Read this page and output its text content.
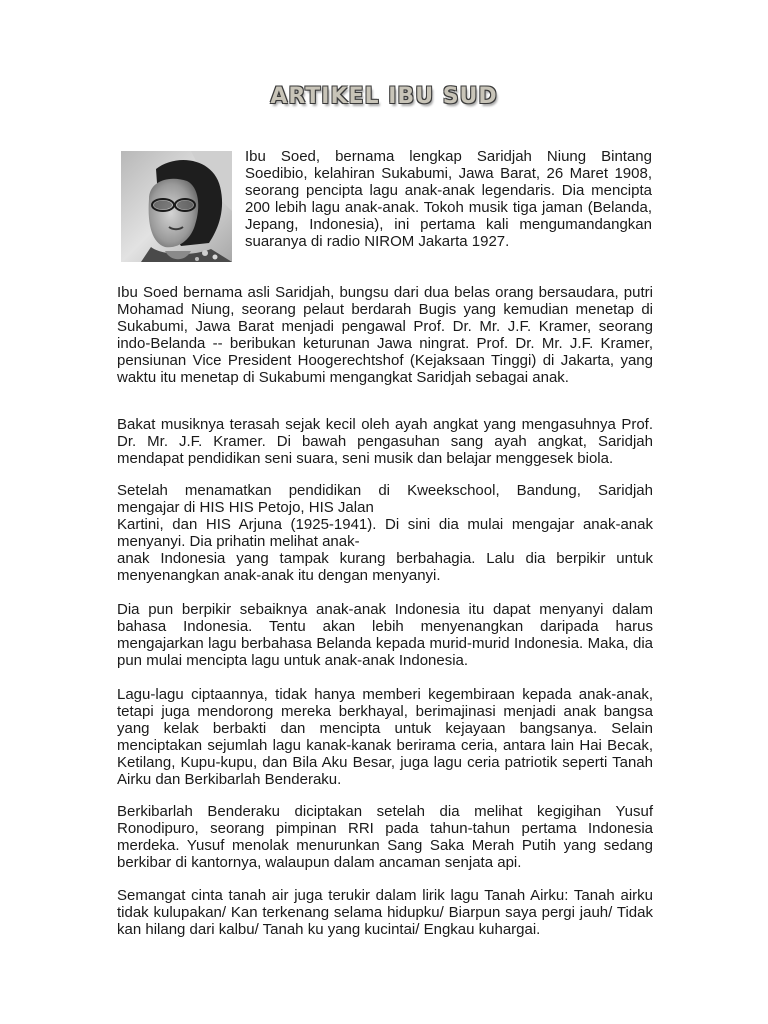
ARTIKEL IBU SUD
Ibu Soed, bernama lengkap Saridjah Niung Bintang Soedibio, kelahiran Sukabumi, Jawa Barat, 26 Maret 1908, seorang pencipta lagu anak-anak legendaris. Dia mencipta 200 lebih lagu anak-anak. Tokoh musik tiga jaman (Belanda, Jepang, Indonesia), ini pertama kali mengumandangkan suaranya di radio NIROM Jakarta 1927.
Ibu Soed bernama asli Saridjah, bungsu dari dua belas orang bersaudara, putri Mohamad Niung, seorang pelaut berdarah Bugis yang kemudian menetap di Sukabumi, Jawa Barat menjadi pengawal Prof. Dr. Mr. J.F. Kramer, seorang indo-Belanda -- beribukan keturunan Jawa ningrat. Prof. Dr. Mr. J.F. Kramer, pensiunan Vice President Hoogerechtshof (Kejaksaan Tinggi) di Jakarta, yang waktu itu menetap di Sukabumi mengangkat Saridjah sebagai anak.
Bakat musiknya terasah sejak kecil oleh ayah angkat yang mengasuhnya Prof. Dr. Mr. J.F. Kramer. Di bawah pengasuhan sang ayah angkat, Saridjah mendapat pendidikan seni suara, seni musik dan belajar menggesek biola.
Setelah menamatkan pendidikan di Kweekschool, Bandung, Saridjah
mengajar di HIS HIS Petojo, HIS Jalan
Kartini, dan HIS Arjuna (1925-1941). Di sini dia mulai mengajar anak-anak
menyanyi. Dia prihatin melihat anak-
anak Indonesia yang tampak kurang berbahagia. Lalu dia berpikir untuk
menyenangkan anak-anak itu dengan menyanyi.
Dia pun berpikir sebaiknya anak-anak Indonesia itu dapat menyanyi dalam bahasa Indonesia. Tentu akan lebih menyenangkan daripada harus mengajarkan lagu berbahasa Belanda kepada murid-murid Indonesia. Maka, dia pun mulai mencipta lagu untuk anak-anak Indonesia.
Lagu-lagu ciptaannya, tidak hanya memberi kegembiraan kepada anak-anak, tetapi juga mendorong mereka berkhayal, berimajinasi menjadi anak bangsa yang kelak berbakti dan mencipta untuk kejayaan bangsanya. Selain menciptakan sejumlah lagu kanak-kanak berirama ceria, antara lain Hai Becak, Ketilang, Kupu-kupu, dan Bila Aku Besar, juga lagu ceria patriotik seperti Tanah Airku dan Berkibarlah Benderaku.
Berkibarlah Benderaku diciptakan setelah dia melihat kegigihan Yusuf Ronodipuro, seorang pimpinan RRI pada tahun-tahun pertama Indonesia merdeka. Yusuf menolak menurunkan Sang Saka Merah Putih yang sedang berkibar di kantornya, walaupun dalam ancaman senjata api.
Semangat cinta tanah air juga terukir dalam lirik lagu Tanah Airku: Tanah airku tidak kulupakan/ Kan terkenang selama hidupku/ Biarpun saya pergi jauh/ Tidak kan hilang dari kalbu/ Tanah ku yang kucintai/ Engkau kuhargai.
